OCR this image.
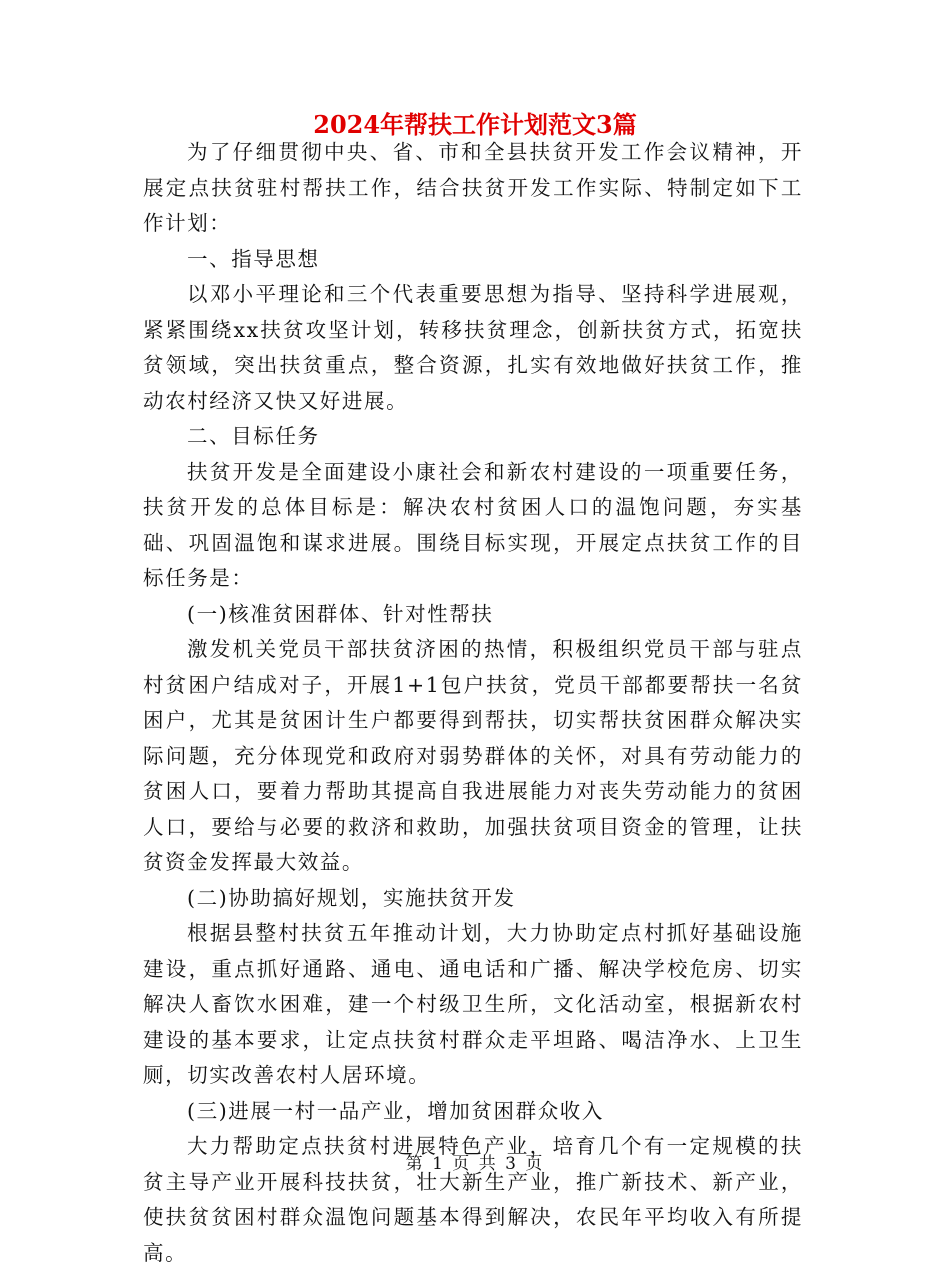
2024年帮扶工作计划范文3篇

为了仔细贯彻中央、省、市和全县扶贫开发工作会议精神，开展定点扶贫驻村帮扶工作，结合扶贫开发工作实际、特制定如下工作计划：

一、指导思想

以邓小平理论和三个代表重要思想为指导、坚持科学进展观，紧紧围绕xx扶贫攻坚计划，转移扶贫理念，创新扶贫方式，拓宽扶贫领域，突出扶贫重点，整合资源，扎实有效地做好扶贫工作，推动农村经济又快又好进展。

二、目标任务

扶贫开发是全面建设小康社会和新农村建设的一项重要任务，扶贫开发的总体目标是：解决农村贫困人口的温饱问题，夯实基础、巩固温饱和谋求进展。围绕目标实现，开展定点扶贫工作的目标任务是：

(一)核准贫困群体、针对性帮扶

激发机关党员干部扶贫济困的热情，积极组织党员干部与驻点村贫困户结成对子，开展1+1包户扶贫，党员干部都要帮扶一名贫困户，尤其是贫困计生户都要得到帮扶，切实帮扶贫困群众解决实际问题，充分体现党和政府对弱势群体的关怀，对具有劳动能力的贫困人口，要着力帮助其提高自我进展能力对丧失劳动能力的贫困人口，要给与必要的救济和救助，加强扶贫项目资金的管理，让扶贫资金发挥最大效益。

(二)协助搞好规划，实施扶贫开发

根据县整村扶贫五年推动计划，大力协助定点村抓好基础设施建设，重点抓好通路、通电、通电话和广播、解决学校危房、切实解决人畜饮水困难，建一个村级卫生所，文化活动室，根据新农村建设的基本要求，让定点扶贫村群众走平坦路、喝洁净水、上卫生厕，切实改善农村人居环境。

(三)进展一村一品产业，增加贫困群众收入

大力帮助定点扶贫村进展特色产业，培育几个有一定规模的扶贫主导产业开展科技扶贫，壮大新生产业，推广新技术、新产业，使扶贫贫困村群众温饱问题基本得到解决，农民年平均收入有所提高。

第 1 页 共 3 页
